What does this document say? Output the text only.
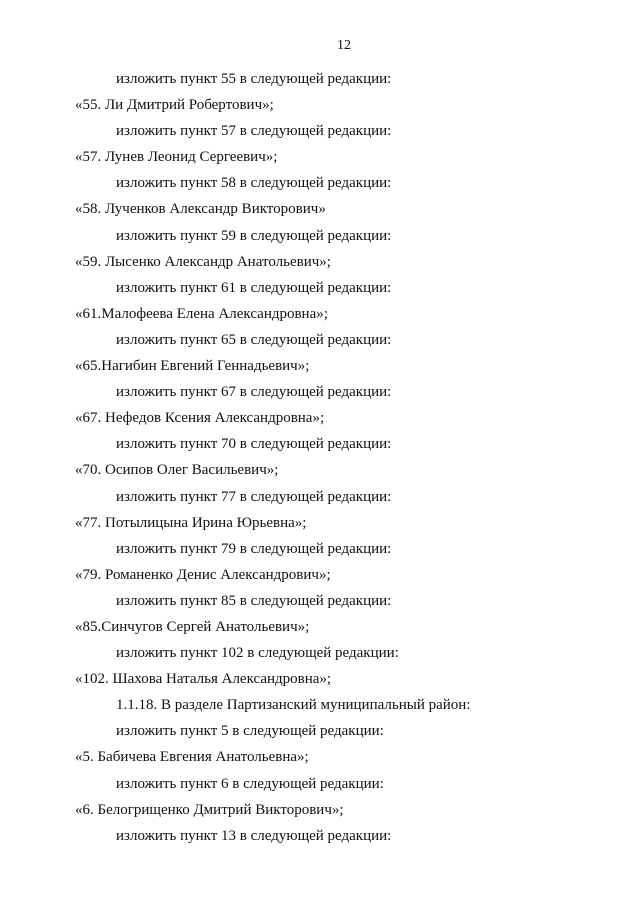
12
изложить пункт 55 в следующей редакции:
«55. Ли Дмитрий Робертович»;
изложить пункт 57 в следующей редакции:
«57. Лунев Леонид Сергеевич»;
изложить пункт 58 в следующей редакции:
«58. Лученков Александр Викторович»
изложить пункт 59 в следующей редакции:
«59. Лысенко Александр Анатольевич»;
изложить пункт 61 в следующей редакции:
«61.Малофеева Елена Александровна»;
изложить пункт 65 в следующей редакции:
«65.Нагибин Евгений Геннадьевич»;
изложить пункт 67 в следующей редакции:
«67. Нефедов Ксения Александровна»;
изложить пункт 70 в следующей редакции:
«70. Осипов Олег Васильевич»;
изложить пункт 77 в следующей редакции:
«77. Потылицына Ирина Юрьевна»;
изложить пункт 79 в следующей редакции:
«79. Романенко Денис Александрович»;
изложить пункт 85 в следующей редакции:
«85.Синчугов Сергей Анатольевич»;
изложить пункт 102 в следующей редакции:
«102. Шахова Наталья Александровна»;
1.1.18. В разделе Партизанский муниципальный район:
изложить пункт 5 в следующей редакции:
«5. Бабичева Евгения Анатольевна»;
изложить пункт 6 в следующей редакции:
«6. Белогрищенко Дмитрий Викторович»;
изложить пункт 13 в следующей редакции:
